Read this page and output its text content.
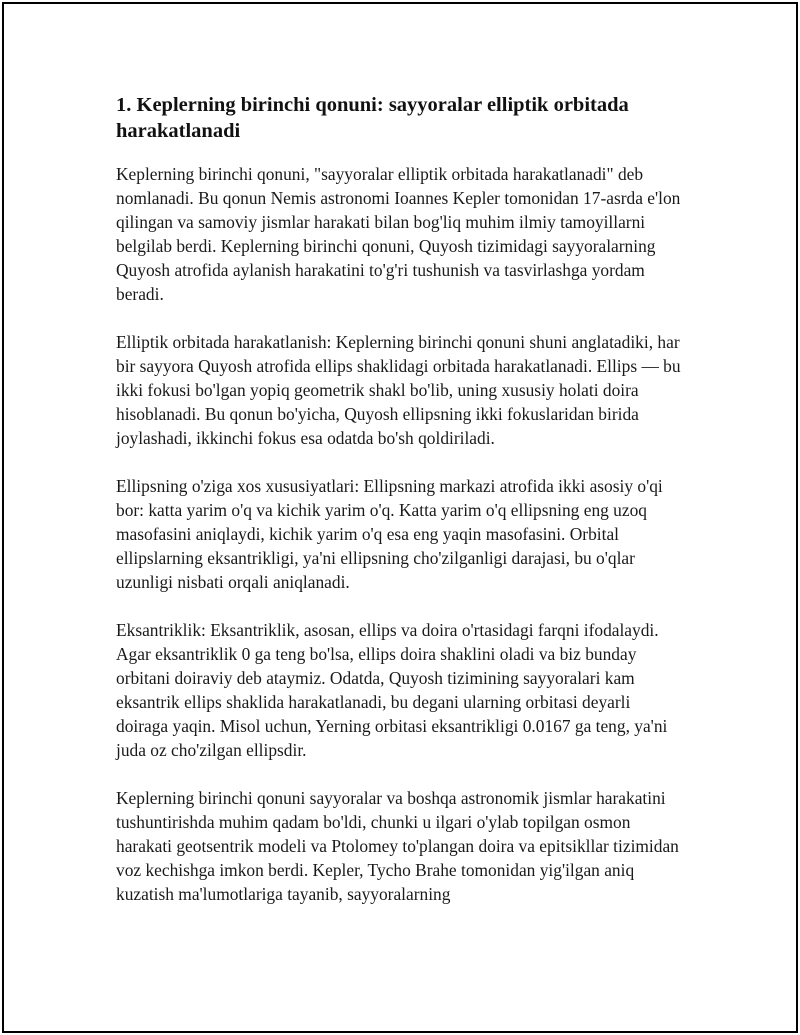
1. Keplerning birinchi qonuni: sayyoralar elliptik orbitada harakatlanadi

Keplerning birinchi qonuni, "sayyoralar elliptik orbitada harakatlanadi" deb nomlanadi. Bu qonun Nemis astronomi Ioannes Kepler tomonidan 17-asrda e'lon qilingan va samoviy jismlar harakati bilan bog'liq muhim ilmiy tamoyillarni belgilab berdi. Keplerning birinchi qonuni, Quyosh tizimidagi sayyoralarning Quyosh atrofida aylanish harakatini to'g'ri tushunish va tasvirlashga yordam beradi.

Elliptik orbitada harakatlanish: Keplerning birinchi qonuni shuni anglatadiki, har bir sayyora Quyosh atrofida ellips shaklidagi orbitada harakatlanadi. Ellips — bu ikki fokusi bo'lgan yopiq geometrik shakl bo'lib, uning xususiy holati doira hisoblanadi. Bu qonun bo'yicha, Quyosh ellipsning ikki fokuslaridan birida joylashadi, ikkinchi fokus esa odatda bo'sh qoldiriladi.

Ellipsning o'ziga xos xususiyatlari: Ellipsning markazi atrofida ikki asosiy o'qi bor: katta yarim o'q va kichik yarim o'q. Katta yarim o'q ellipsning eng uzoq masofasini aniqlaydi, kichik yarim o'q esa eng yaqin masofasini. Orbital ellipslarning eksantrikligi, ya'ni ellipsning cho'zilganligi darajasi, bu o'qlar uzunligi nisbati orqali aniqlanadi.

Eksantriklik: Eksantriklik, asosan, ellips va doira o'rtasidagi farqni ifodalaydi. Agar eksantriklik 0 ga teng bo'lsa, ellips doira shaklini oladi va biz bunday orbitani doiraviy deb ataymiz. Odatda, Quyosh tizimining sayyoralari kam eksantrik ellips shaklida harakatlanadi, bu degani ularning orbitasi deyarli doiraga yaqin. Misol uchun, Yerning orbitasi eksantrikligi 0.0167 ga teng, ya'ni juda oz cho'zilgan ellipsdir.

Keplerning birinchi qonuni sayyoralar va boshqa astronomik jismlar harakatini tushuntirishda muhim qadam bo'ldi, chunki u ilgari o'ylab topilgan osmon harakati geotsentrik modeli va Ptolomey to'plangan doira va epitsikllar tizimidan voz kechishga imkon berdi. Kepler, Tycho Brahe tomonidan yig'ilgan aniq kuzatish ma'lumotlariga tayanib, sayyoralarning
